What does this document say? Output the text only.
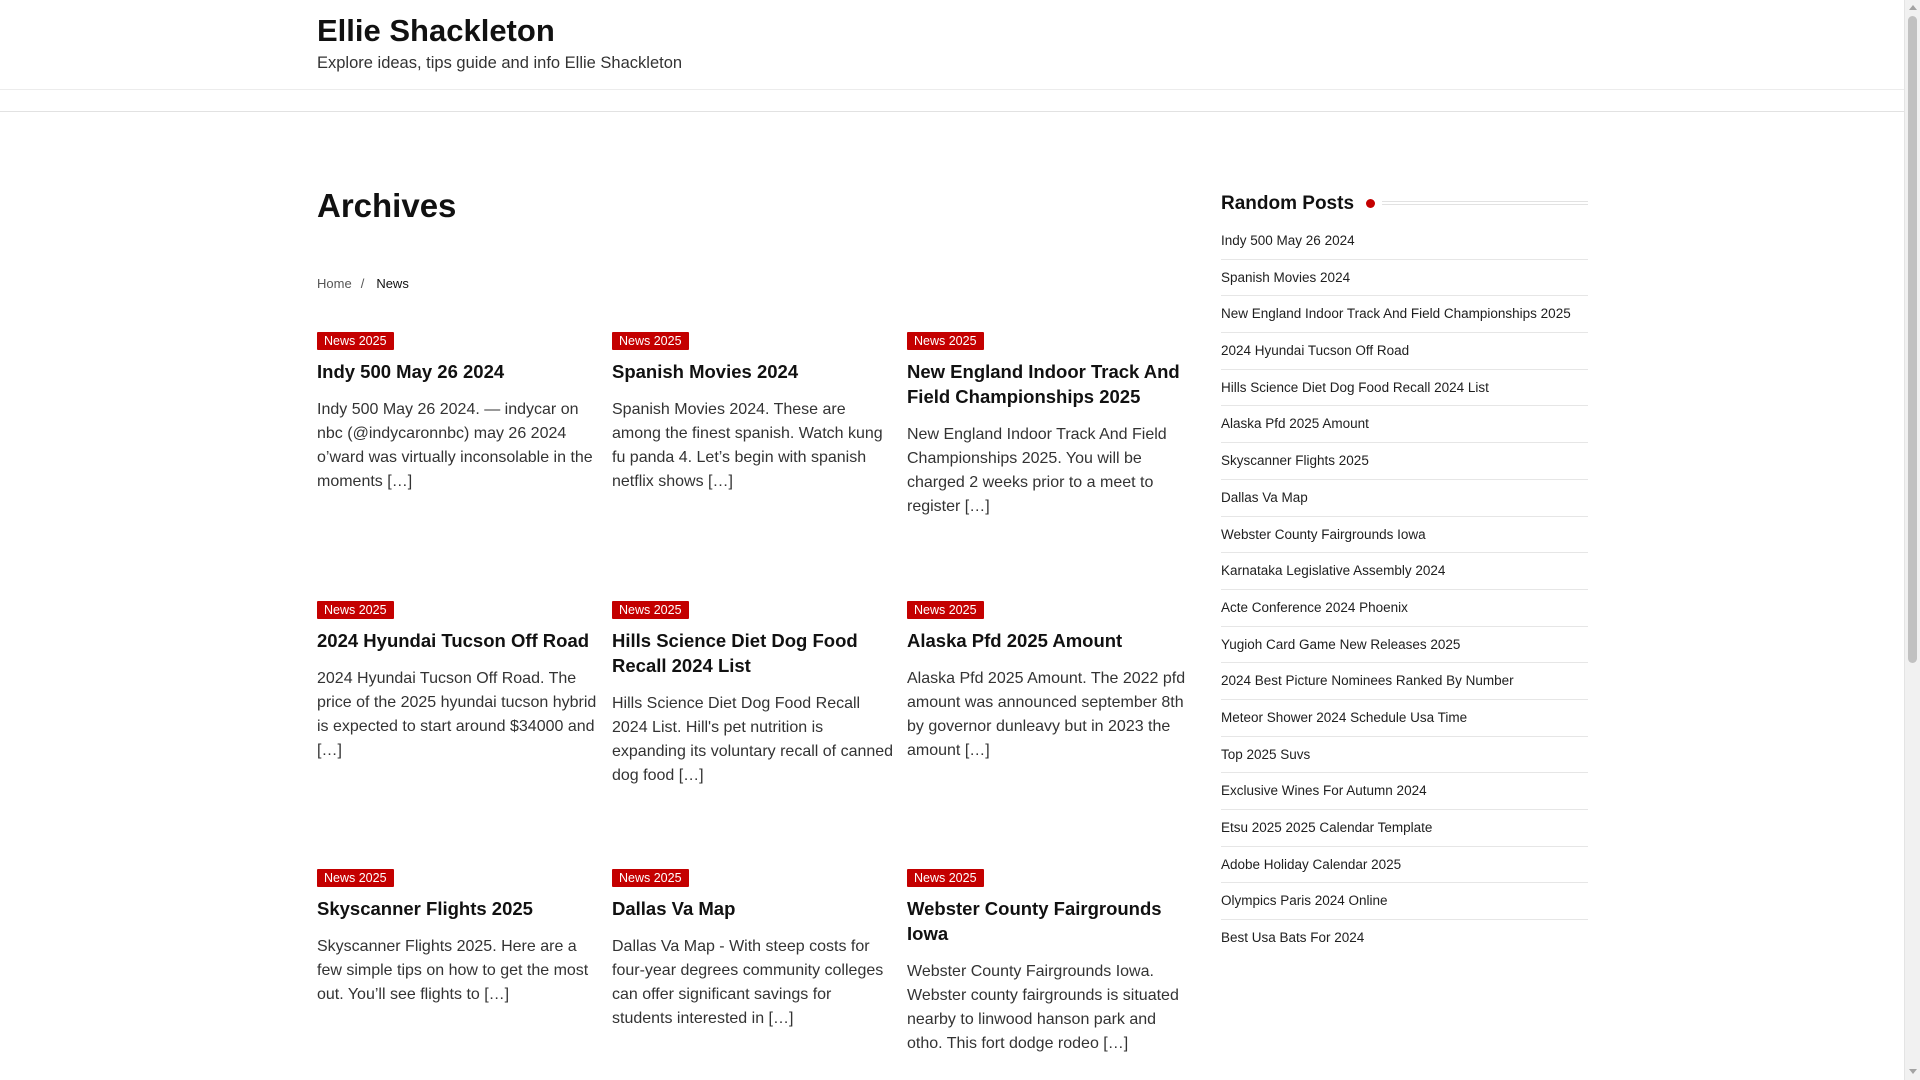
Ellie Shackleton
Explore ideas, tips guide and info Ellie Shackleton
Archives
Home / News
News 2025
Indy 500 May 26 2024

Indy 500 May 26 2024. — indycar on nbc (@indycaronnbc) may 26 2024 o’ward was virtually inconsolable in the moments […]

News 2025
Spanish Movies 2024

Spanish Movies 2024. These are among the finest spanish. Watch kung fu panda 4. Let’s begin with spanish netflix shows […]

News 2025
New England Indoor Track And Field Championships 2025

New England Indoor Track And Field Championships 2025. You will be charged 2 weeks prior to a meet to register […]

News 2025
2024 Hyundai Tucson Off Road

2024 Hyundai Tucson Off Road. The price of the 2025 hyundai tucson hybrid is expected to start around $34000 and […]

News 2025
Hills Science Diet Dog Food Recall 2024 List

Hills Science Diet Dog Food Recall 2024 List. Hill's pet nutrition is expanding its voluntary recall of canned dog food […]

News 2025
Alaska Pfd 2025 Amount

Alaska Pfd 2025 Amount. The 2022 pfd amount was announced september 8th by governor dunleavy but in 2023 the amount […]

News 2025
Skyscanner Flights 2025

Skyscanner Flights 2025. Here are a few simple tips on how to get the most out. You’ll see flights to […]

News 2025
Dallas Va Map

Dallas Va Map - With steep costs for four-year degrees community colleges can offer significant savings for students interested in […]

News 2025
Webster County Fairgrounds Iowa

Webster County Fairgrounds Iowa. Webster county fairgrounds is situated nearby to linwood hanson park and otho. This fort dodge rodeo […]

Random Posts
Indy 500 May 26 2024
Spanish Movies 2024
New England Indoor Track And Field Championships 2025
2024 Hyundai Tucson Off Road
Hills Science Diet Dog Food Recall 2024 List
Alaska Pfd 2025 Amount
Skyscanner Flights 2025
Dallas Va Map
Webster County Fairgrounds Iowa
Karnataka Legislative Assembly 2024
Acte Conference 2024 Phoenix
Yugioh Card Game New Releases 2025
2024 Best Picture Nominees Ranked By Number
Meteor Shower 2024 Schedule Usa Time
Top 2025 Suvs
Exclusive Wines For Autumn 2024
Etsu 2025 2025 Calendar Template
Adobe Holiday Calendar 2025
Olympics Paris 2024 Online
Best Usa Bats For 2024
